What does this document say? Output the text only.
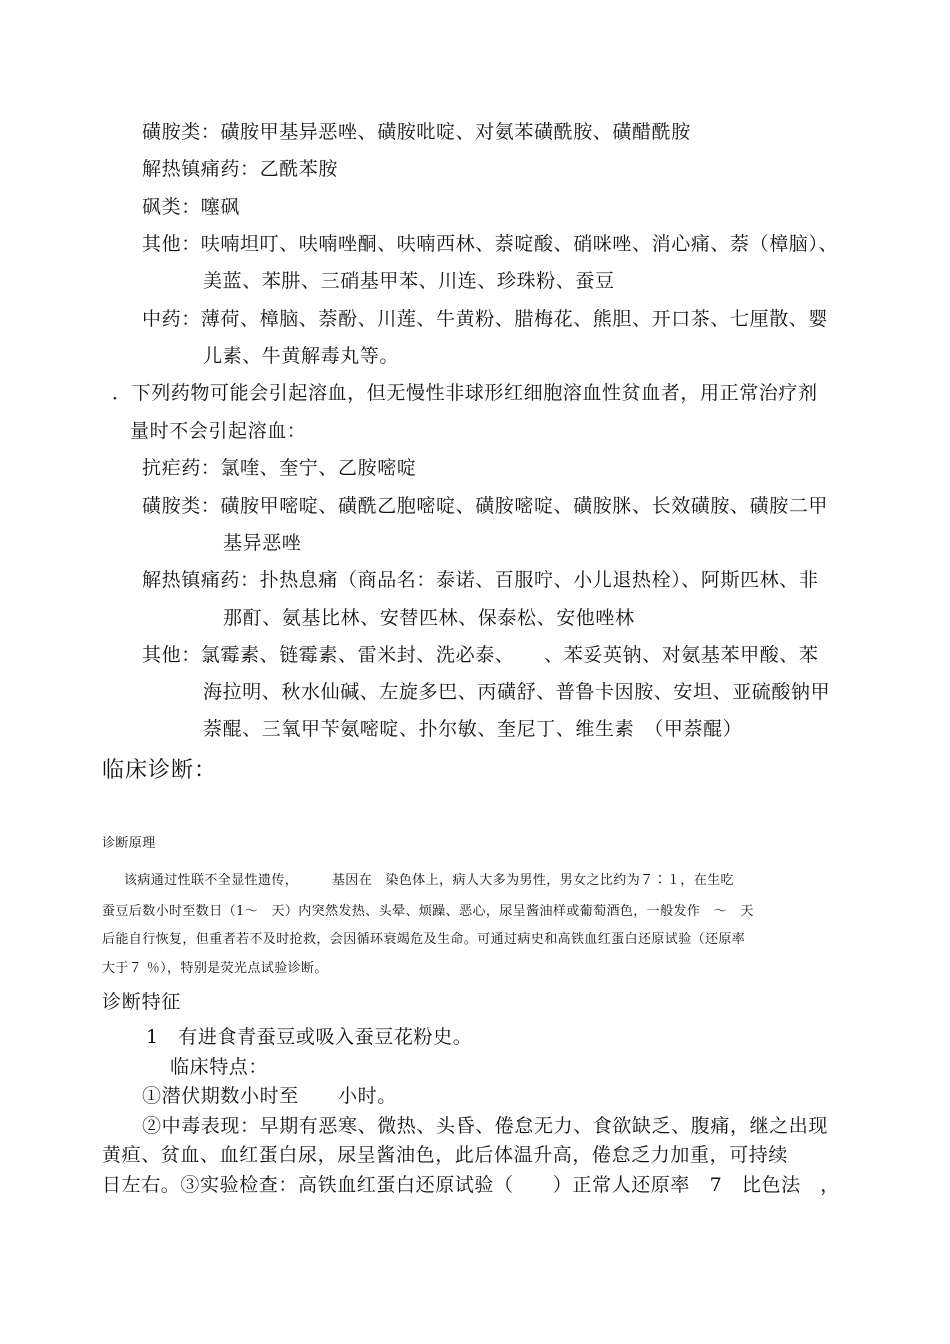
磺胺类：磺胺甲基异恶唑、磺胺吡啶、对氨苯磺酰胺、磺醋酰胺
解热镇痛药：乙酰苯胺
砜类：噻砜
其他：呋喃坦叮、呋喃唑酮、呋喃西林、萘啶酸、硝咪唑、消心痛、萘（樟脑）、
美蓝、苯肼、三硝基甲苯、川连、珍珠粉、蚕豆
中药：薄荷、樟脑、萘酚、川莲、牛黄粉、腊梅花、熊胆、开口茶、七厘散、婴
儿素、牛黄解毒丸等。
．下列药物可能会引起溶血，但无慢性非球形红细胞溶血性贫血者，用正常治疗剂
量时不会引起溶血：
抗疟药：氯喹、奎宁、乙胺嘧啶
磺胺类：磺胺甲嘧啶、磺酰乙胞嘧啶、磺胺嘧啶、磺胺脒、长效磺胺、磺胺二甲
基异恶唑
解热镇痛药：扑热息痛（商品名：泰诺、百服咛、小儿退热栓）、阿斯匹林、非
那酊、氨基比林、安替匹林、保泰松、安他唑林
其他：氯霉素、链霉素、雷米封、洗必泰、　　、苯妥英钠、对氨基苯甲酸、苯
海拉明、秋水仙碱、左旋多巴、丙磺舒、普鲁卡因胺、安坦、亚硫酸钠甲
萘醌、三氧甲苄氨嘧啶、扑尔敏、奎尼丁、维生素　（甲萘醌）
临床诊断：
诊断原理
该病通过性联不全显性遗传，　　　基因在　染色体上，病人大多为男性，男女之比约为７∶１，在生吃
蚕豆后数小时至数日（1～　天）内突然发热、头晕、烦躁、恶心，尿呈酱油样或葡萄酒色，一般发作　～　天
后能自行恢复，但重者若不及时抢救，会因循环衰竭危及生命。可通过病史和高铁血红蛋白还原试验（还原率
大于７ ％），特别是荧光点试验诊断。
诊断特征
1　有进食青蚕豆或吸入蚕豆花粉史。
临床特点：
①潜伏期数小时至　　小时。
②中毒表现：早期有恶寒、微热、头昏、倦怠无力、食欲缺乏、腹痛，继之出现
黄疸、贫血、血红蛋白尿，尿呈酱油色，此后体温升高，倦怠乏力加重，可持续
日左右。③实验检查：高铁血红蛋白还原试验（　　）正常人还原率　7　比色法　，
